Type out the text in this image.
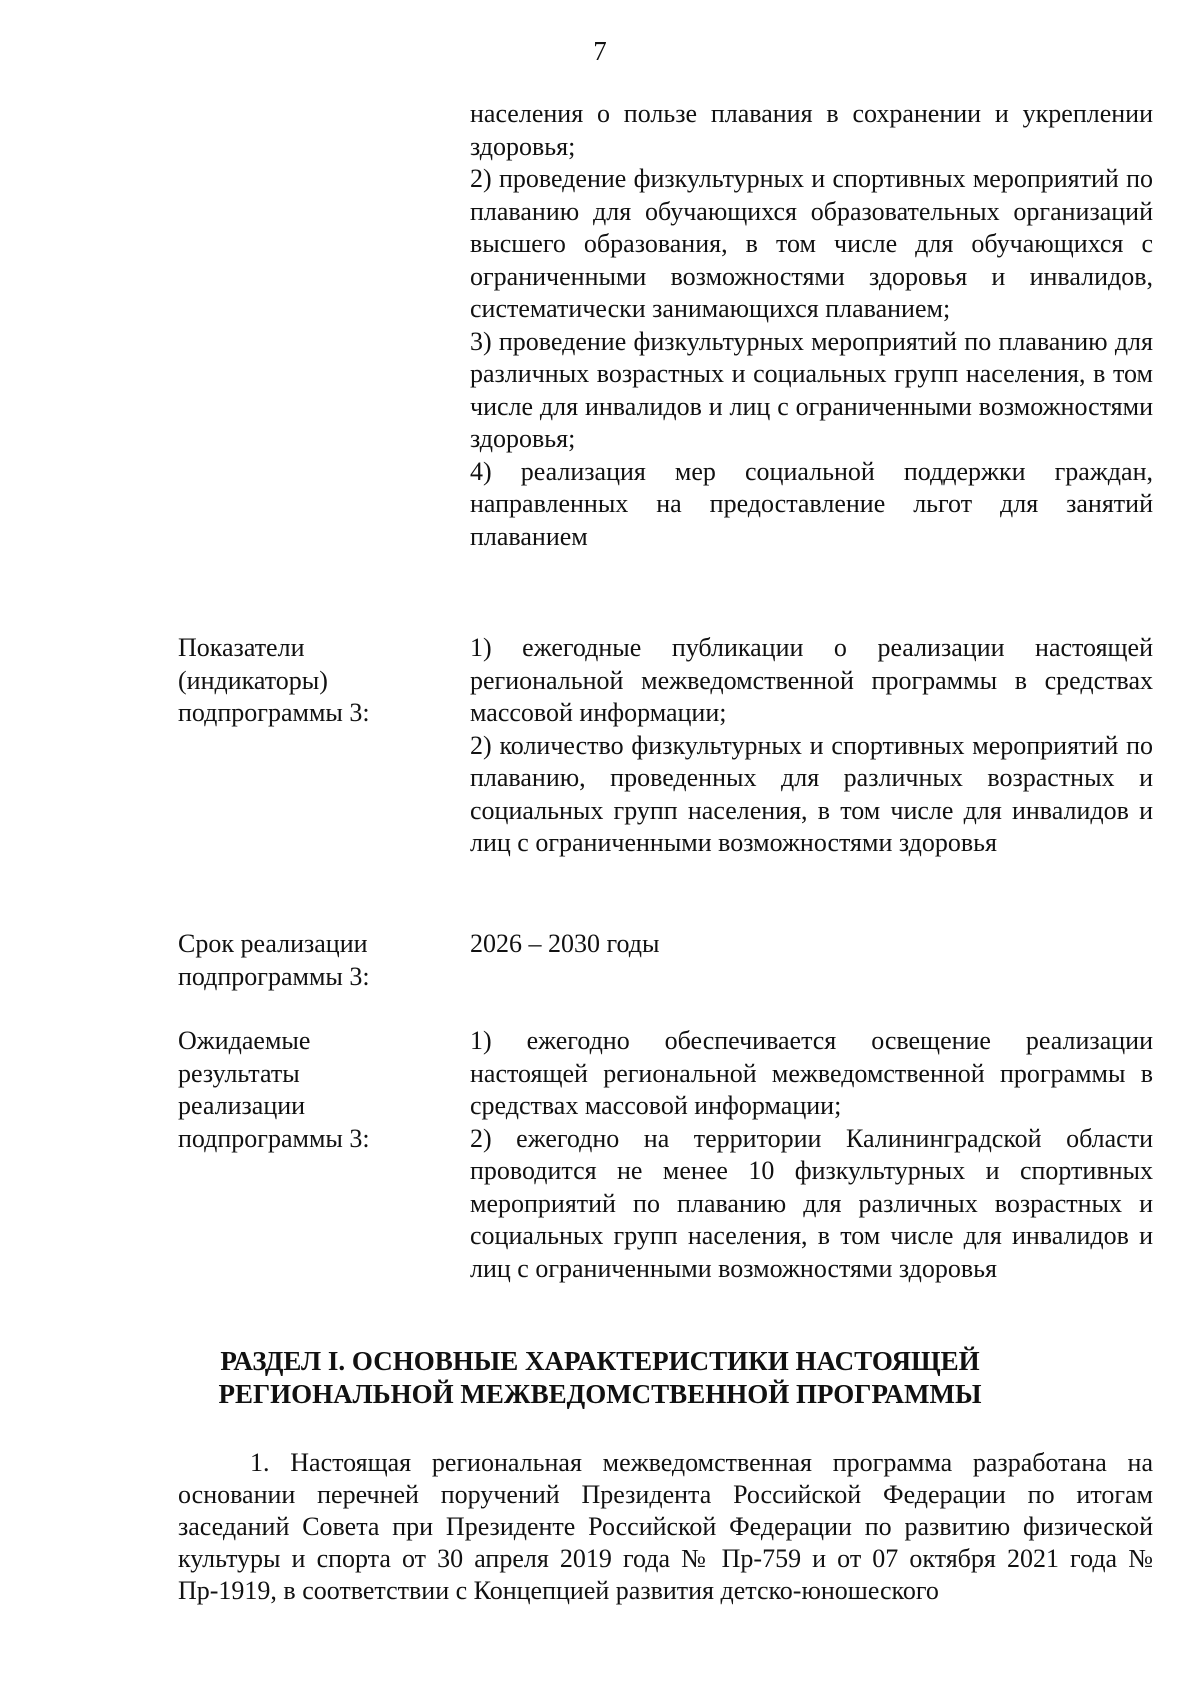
7
населения о пользе плавания в сохранении и укреплении здоровья;
2) проведение физкультурных и спортивных мероприятий по плаванию для обучающихся образовательных организаций высшего образования, в том числе для обучающихся с ограниченными возможностями здоровья и инвалидов, систематически занимающихся плаванием;
3) проведение физкультурных мероприятий по плаванию для различных возрастных и социальных групп населения, в том числе для инвалидов и лиц с ограниченными возможностями здоровья;
4) реализация мер социальной поддержки граждан, направленных на предоставление льгот для занятий плаванием
Показатели
(индикаторы)
подпрограммы 3:
1) ежегодные публикации о реализации настоящей региональной межведомственной программы в средствах массовой информации;
2) количество физкультурных и спортивных мероприятий по плаванию, проведенных для различных возрастных и социальных групп населения, в том числе для инвалидов и лиц с ограниченными возможностями здоровья
Срок реализации
подпрограммы 3:
2026 – 2030 годы
Ожидаемые
результаты
реализации
подпрограммы 3:
1) ежегодно обеспечивается освещение реализации настоящей региональной межведомственной программы в средствах массовой информации;
2) ежегодно на территории Калининградской области проводится не менее 10 физкультурных и спортивных мероприятий по плаванию для различных возрастных и социальных групп населения, в том числе для инвалидов и лиц с ограниченными возможностями здоровья
РАЗДЕЛ I. ОСНОВНЫЕ ХАРАКТЕРИСТИКИ НАСТОЯЩЕЙ
РЕГИОНАЛЬНОЙ МЕЖВЕДОМСТВЕННОЙ ПРОГРАММЫ
1. Настоящая региональная межведомственная программа разработана на основании перечней поручений Президента Российской Федерации по итогам заседаний Совета при Президенте Российской Федерации по развитию физической культуры и спорта от 30 апреля 2019 года № Пр-759 и от 07 октября 2021 года № Пр-1919, в соответствии с Концепцией развития детско-юношеского
